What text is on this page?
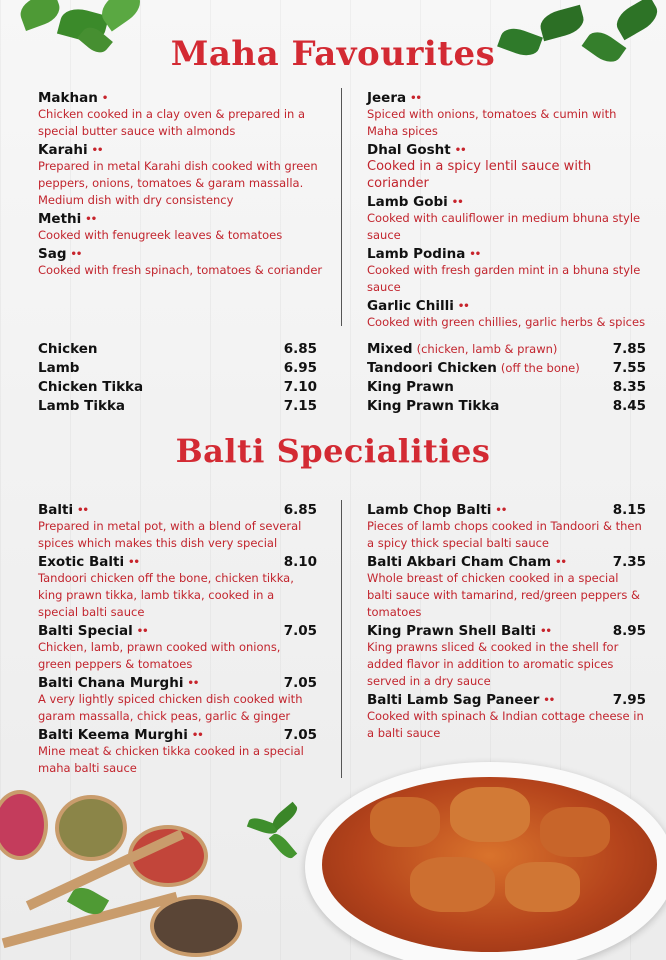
Maha Favourites
Makhan •
Chicken cooked in a clay oven & prepared in a special butter sauce with almonds
Karahi ••
Prepared in metal Karahi dish cooked with green peppers, onions, tomatoes & garam massalla. Medium dish with dry consistency
Methi ••
Cooked with fenugreek leaves & tomatoes
Sag ••
Cooked with fresh spinach, tomatoes & coriander
Jeera ••
Spiced with onions, tomatoes & cumin with Maha spices
Dhal Gosht ••
Cooked in a spicy lentil sauce with coriander
Lamb Gobi ••
Cooked with cauliflower in medium bhuna style sauce
Lamb Podina ••
Cooked with fresh garden mint in a bhuna style sauce
Garlic Chilli ••
Cooked with green chillies, garlic herbs & spices
Chicken	6.85
Lamb	6.95
Chicken Tikka	7.10
Lamb Tikka	7.15
Mixed (chicken, lamb & prawn)	7.85
Tandoori Chicken (off the bone)	7.55
King Prawn	8.35
King Prawn Tikka	8.45
Balti Specialities
Balti ••	6.85
Prepared in metal pot, with a blend of several spices which makes this dish very special
Exotic Balti ••	8.10
Tandoori chicken off the bone, chicken tikka, king prawn tikka, lamb tikka, cooked in a special balti sauce
Balti Special ••	7.05
Chicken, lamb, prawn cooked with onions, green peppers & tomatoes
Balti Chana Murghi ••	7.05
A very lightly spiced chicken dish cooked with garam massalla, chick peas, garlic & ginger
Balti Keema Murghi ••	7.05
Mine meat & chicken tikka cooked in a special maha balti sauce
Lamb Chop Balti ••	8.15
Pieces of lamb chops cooked in Tandoori & then a spicy thick special balti sauce
Balti Akbari Cham Cham ••	7.35
Whole breast of chicken cooked in a special balti sauce with tamarind, red/green peppers & tomatoes
King Prawn Shell Balti ••	8.95
King prawns sliced & cooked in the shell for added flavor in addition to aromatic spices served in a dry sauce
Balti Lamb Sag Paneer ••	7.95
Cooked with spinach & Indian cottage cheese in a balti sauce
